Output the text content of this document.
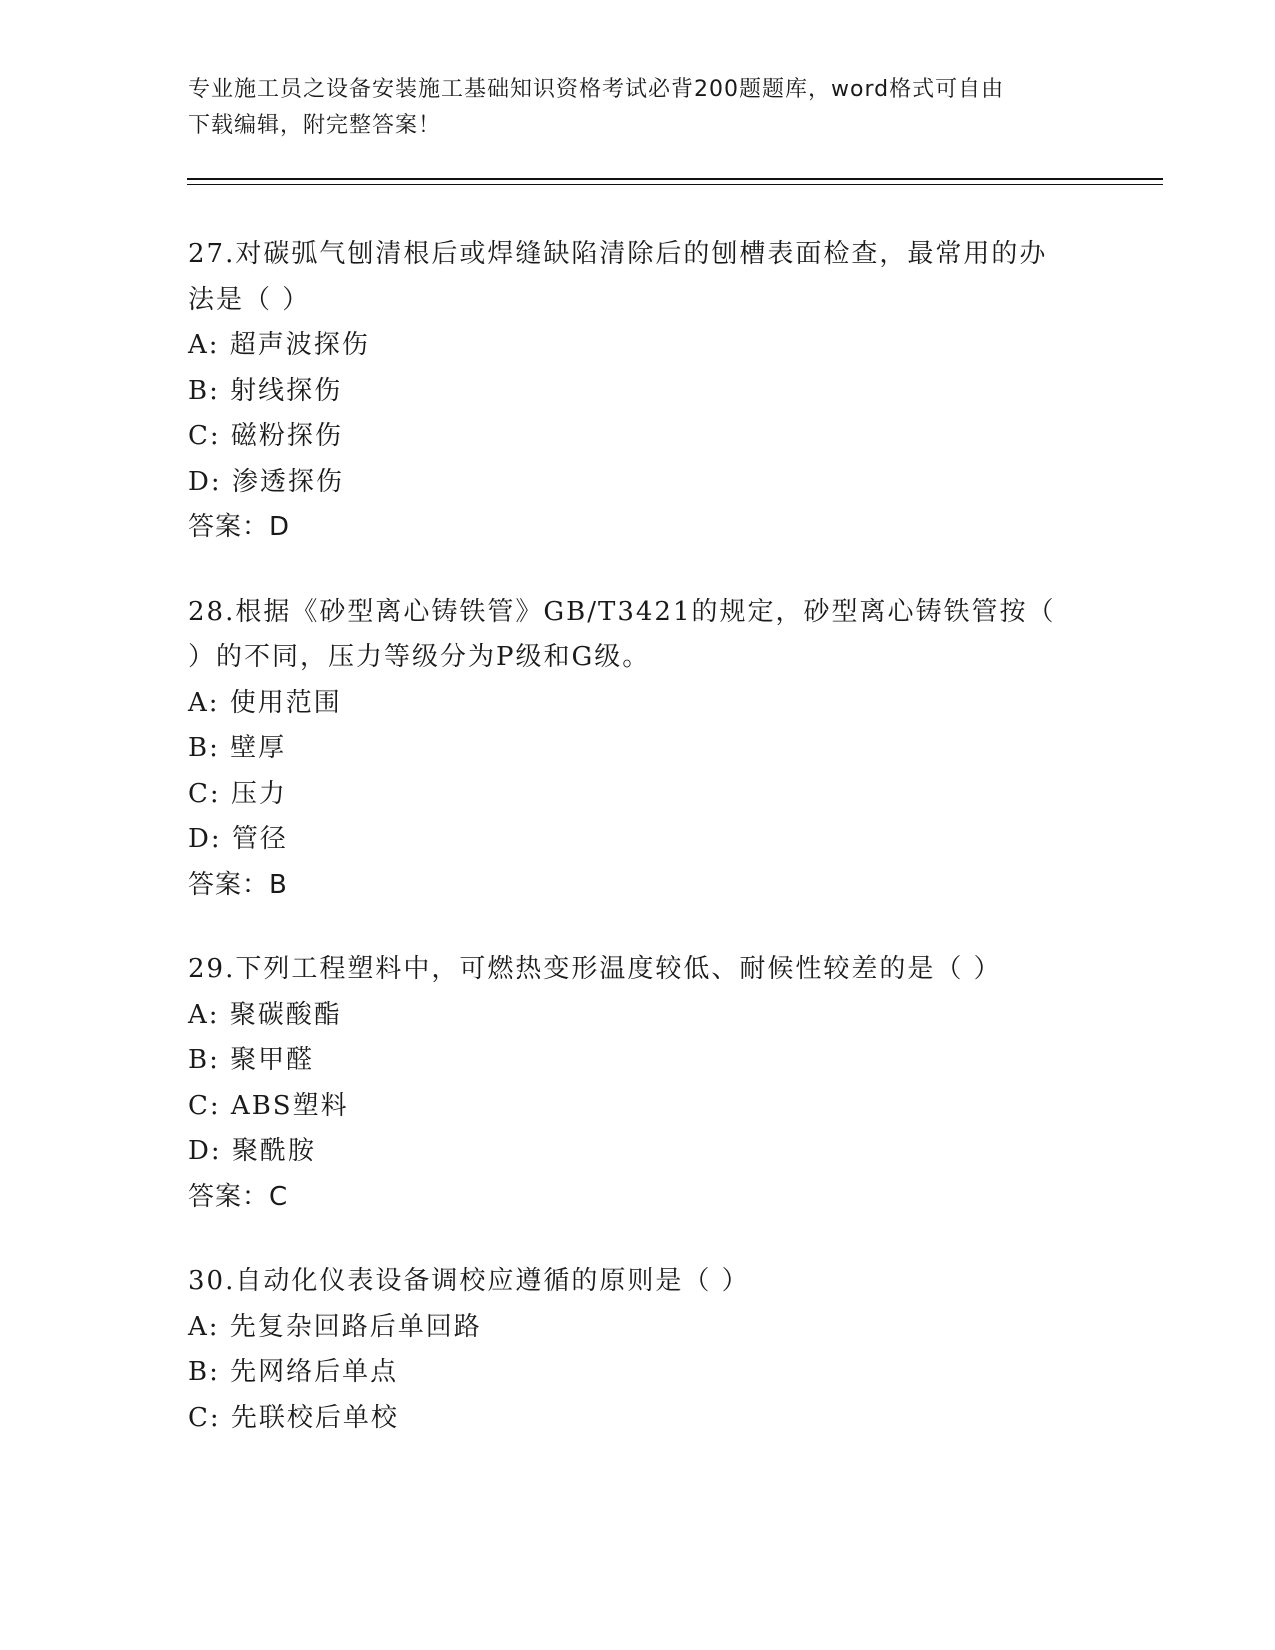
专业施工员之设备安装施工基础知识资格考试必背200题题库，word格式可自由
下载编辑，附完整答案！
27.对碳弧气刨清根后或焊缝缺陷清除后的刨槽表面检查，最常用的办
法是（ ）
A: 超声波探伤
B: 射线探伤
C: 磁粉探伤
D: 渗透探伤
答案：D
28.根据《砂型离心铸铁管》GB/T3421的规定，砂型离心铸铁管按（
）的不同，压力等级分为P级和G级。
A: 使用范围
B: 壁厚
C: 压力
D: 管径
答案：B
29.下列工程塑料中，可燃热变形温度较低、耐候性较差的是（ ）
A: 聚碳酸酯
B: 聚甲醛
C: ABS塑料
D: 聚酰胺
答案：C
30.自动化仪表设备调校应遵循的原则是（ ）
A: 先复杂回路后单回路
B: 先网络后单点
C: 先联校后单校
